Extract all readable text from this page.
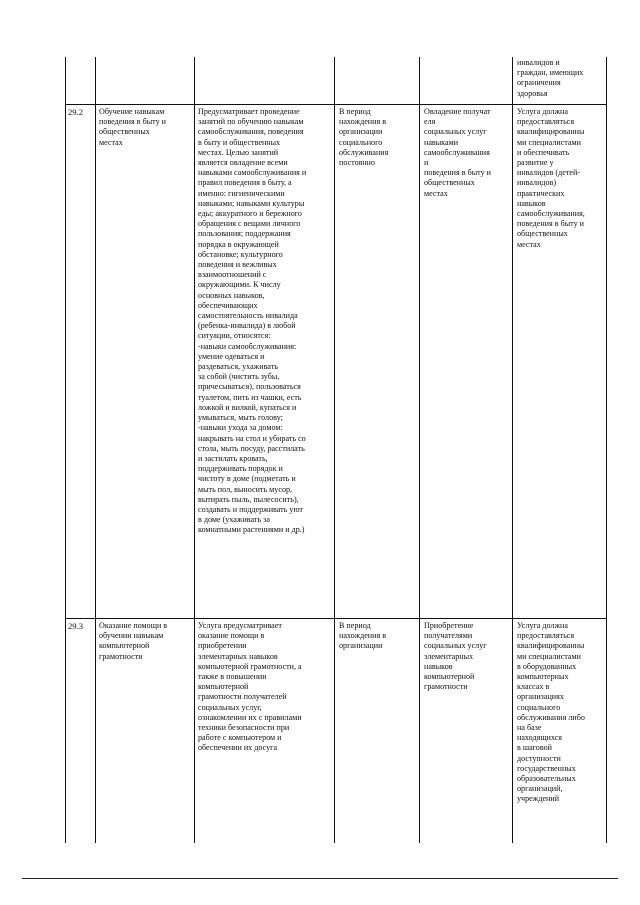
инвалидов и
граждан, имеющих
ограничения
здоровья
29.2	Обучение навыкам
поведения в быту и
общественных
местах
Предусматривает проведение
занятий по обучению навыкам
самообслуживания, поведения
в быту и общественных
местах. Целью занятий
является овладение всеми
навыками самообслуживания и
правил поведения в быту, а
именно: гигиеническими
навыками; навыками культуры
еды; аккуратного и бережного
обращения с вещами личного
пользования; поддержания
порядка в окружающей
обстановке; культурного
поведения и вежливых
взаимоотношений с
окружающими. К числу
основных навыков,
обеспечивающих
самостоятельность инвалида
(ребенка-инвалида) в любой
ситуации, относятся:
-навыки самообслуживания:
умение одеваться и
раздеваться, ухаживать
за собой (чистить зубы,
причесываться), пользоваться
туалетом, пить из чашки, есть
ложкой и вилкой, купаться и
умываться, мыть голову;
-навыки ухода за домом:
накрывать на стол и убирать со
стола, мыть посуду, расстилать
и застилать кровать,
поддерживать порядок и
чистоту в доме (подметать и
мыть пол, выносить мусор,
вытирать пыль, пылесосить),
создавать и поддерживать уют
в доме (ухаживать за
комнатными растениями и др.)
В период
нахождения в
организации
социального
обслуживания
постоянно
Овладение получат
еля
социальных услуг
навыками
самообслуживания
и
поведения в быту и
общественных
местах
Услуга должна
предоставляться
квалифицированны
ми специалистами
и обеспечивать
развитие у
инвалидов (детей-
инвалидов)
практических
навыков
самообслуживания,
поведения в быту и
общественных
местах
29.3	Оказание помощи в
обучении навыкам
компьютерной
грамотности
Услуга предусматривает
оказание помощи в
приобретении
элементарных навыков
компьютерной грамотности, а
также в повышении
компьютерной
грамотности получателей
социальных услуг,
ознакомлении их с правилами
техники безопасности при
работе с компьютером и
обеспечении их досуга
В период
нахождения в
организации
Приобретение
получателями
социальных услуг
элементарных
навыков
компьютерной
грамотности
Услуга должна
предоставляться
квалифицированны
ми специалистами
в оборудованных
компьютерных
классах в
организациях
социального
обслуживания либо
на базе
находящихся
в шаговой
доступности
государственных
образовательных
организаций,
учреждений
